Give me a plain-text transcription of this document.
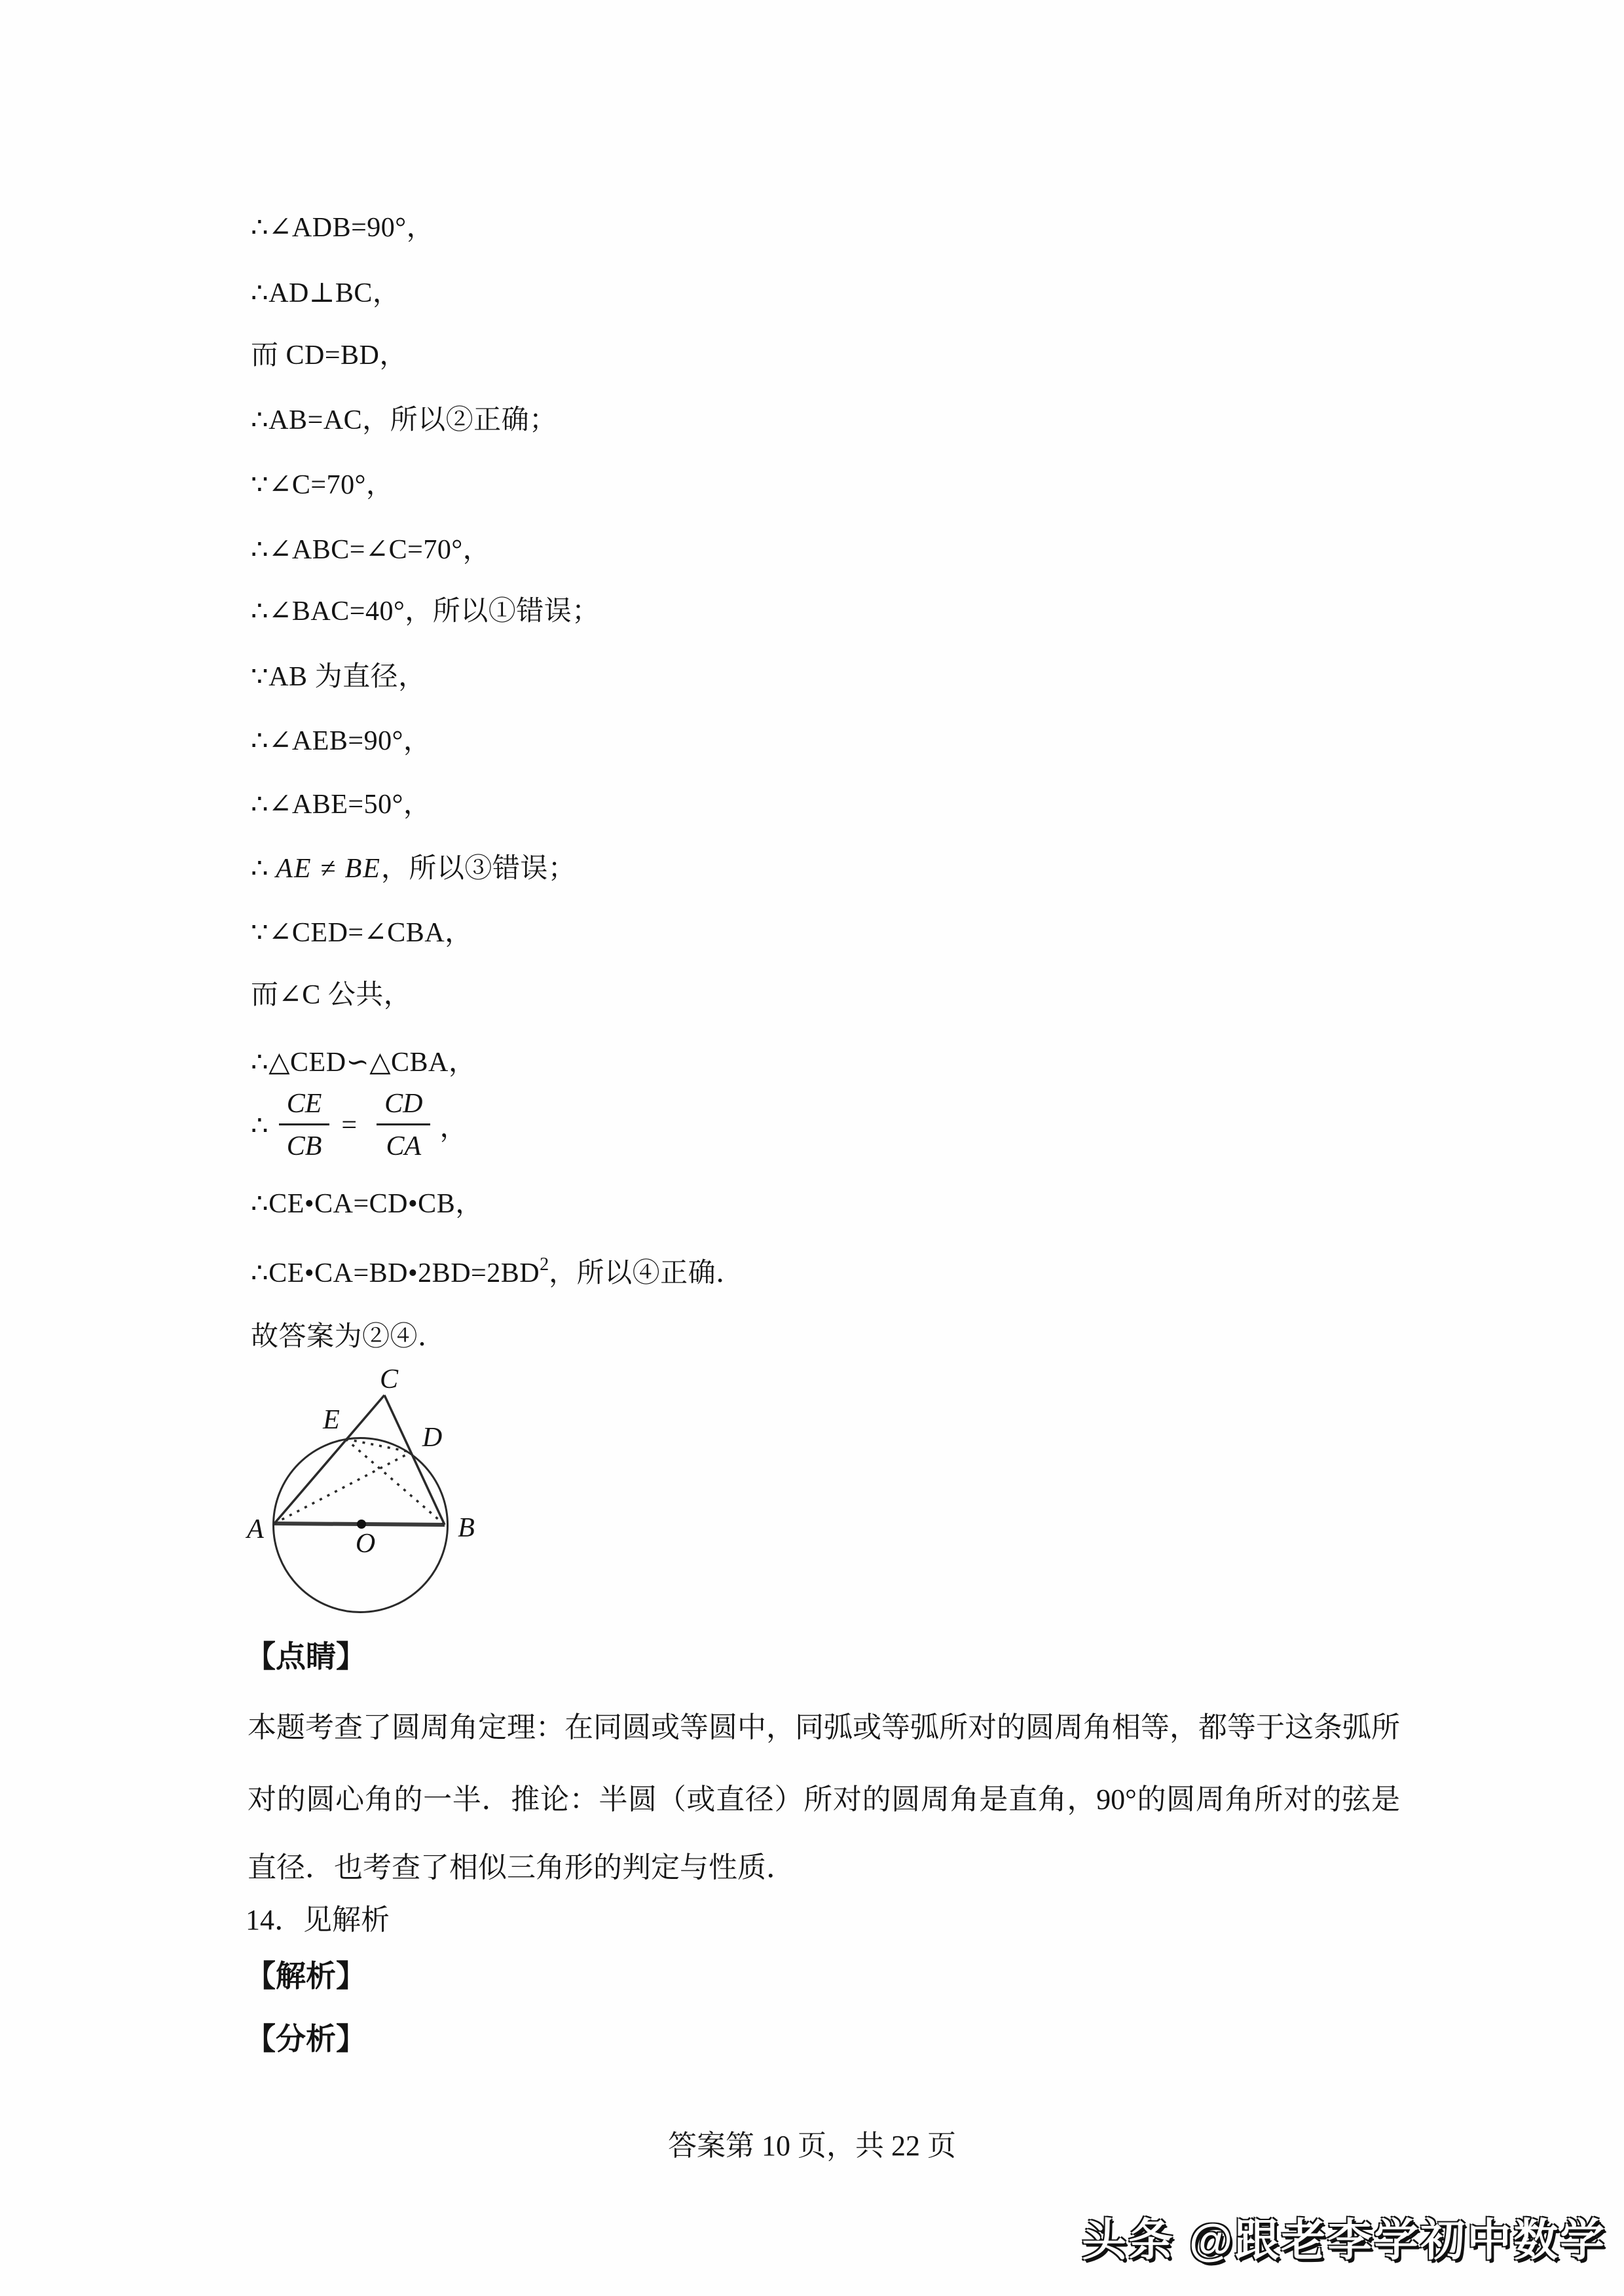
∴∠ADB=90°，
∴AD⊥BC，
而 CD=BD，
∴AB=AC，所以②正确；
∵∠C=70°，
∴∠ABC=∠C=70°，
∴∠BAC=40°，所以①错误；
∵AB 为直径，
∴∠AEB=90°，
∴∠ABE=50°，
∴ AE ≠ BE，所以③错误；
∵∠CED=∠CBA，
而∠C 公共，
∴△CED∽△CBA，
∴ $\frac{CE}{CB} = \frac{CD}{CA}$ ，
∴CE•CA=CD•CB，
$\therefore CE•CA=BD•2BD=2BD^2$，所以④正确．
故答案为②④．
A	B
C
D
E
O
【点睛】
本题考查了圆周角定理：在同圆或等圆中，同弧或等弧所对的圆周角相等，都等于这条弧所
对的圆心角的一半．推论：半圆（或直径）所对的圆周角是直角，90°的圆周角所对的弦是
直径．也考查了相似三角形的判定与性质．
14．见解析
【解析】
【分析】
答案第 10 页，共 22 页
头条 @跟老李学初中数学
